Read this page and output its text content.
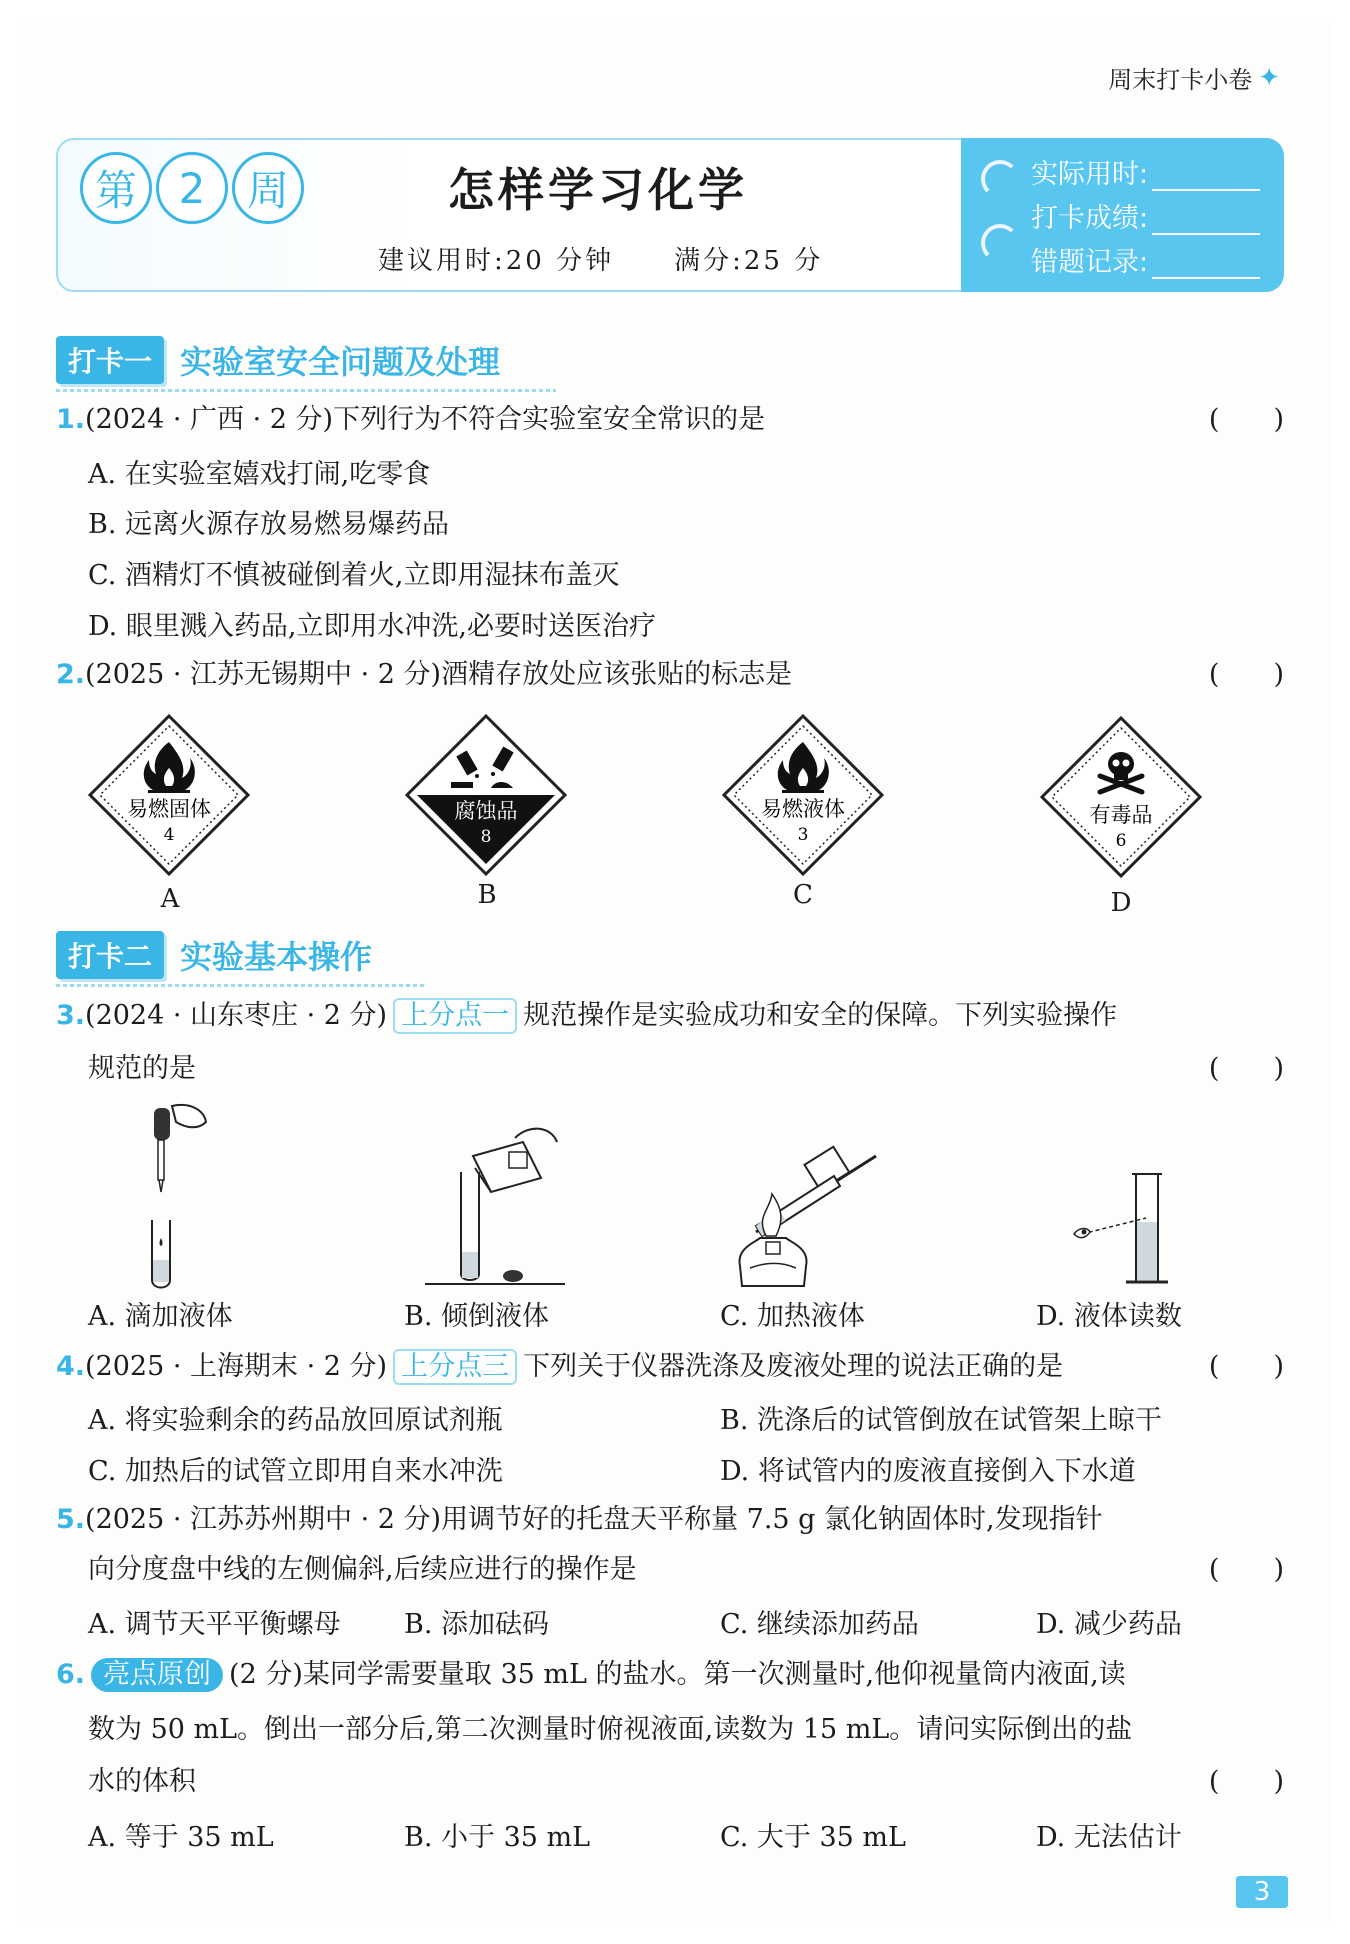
周末打卡小卷 ✦
第 2 周	怎样学习化学
建议用时:20 分钟 满分:25 分
实际用时:
打卡成绩:
错题记录:
打卡一 实验室安全问题及处理
1.(2024 · 广西 · 2 分)下列行为不符合实验室安全常识的是	(　　)
A. 在实验室嬉戏打闹,吃零食
B. 远离火源存放易燃易爆药品
C. 酒精灯不慎被碰倒着火,立即用湿抹布盖灭
D. 眼里溅入药品,立即用水冲洗,必要时送医治疗
2.(2025 · 江苏无锡期中 · 2 分)酒精存放处应该张贴的标志是	(　　)
易燃固体
4
腐蚀品
8
易燃液体
3
有毒品
6
A	B	C	D
打卡二 实验基本操作
3.(2024 · 山东枣庄 · 2 分) 上分点一 规范操作是实验成功和安全的保障。下列实验操作
规范的是	(　　)
A. 滴加液体	B. 倾倒液体	C. 加热液体	D. 液体读数
4.(2025 · 上海期末 · 2 分) 上分点三 下列关于仪器洗涤及废液处理的说法正确的是	(　　)
A. 将实验剩余的药品放回原试剂瓶	B. 洗涤后的试管倒放在试管架上晾干
C. 加热后的试管立即用自来水冲洗	D. 将试管内的废液直接倒入下水道
5.(2025 · 江苏苏州期中 · 2 分)用调节好的托盘天平称量 7.5 g 氯化钠固体时,发现指针
向分度盘中线的左侧偏斜,后续应进行的操作是	(　　)
A. 调节天平平衡螺母 B. 添加砝码	C. 继续添加药品	D. 减少药品
6. 亮点原创 (2 分)某同学需要量取 35 mL 的盐水。第一次测量时,他仰视量筒内液面,读
数为 50 mL。倒出一部分后,第二次测量时俯视液面,读数为 15 mL。请问实际倒出的盐
水的体积	(　　)
A. 等于 35 mL	B. 小于 35 mL	C. 大于 35 mL	D. 无法估计
3
